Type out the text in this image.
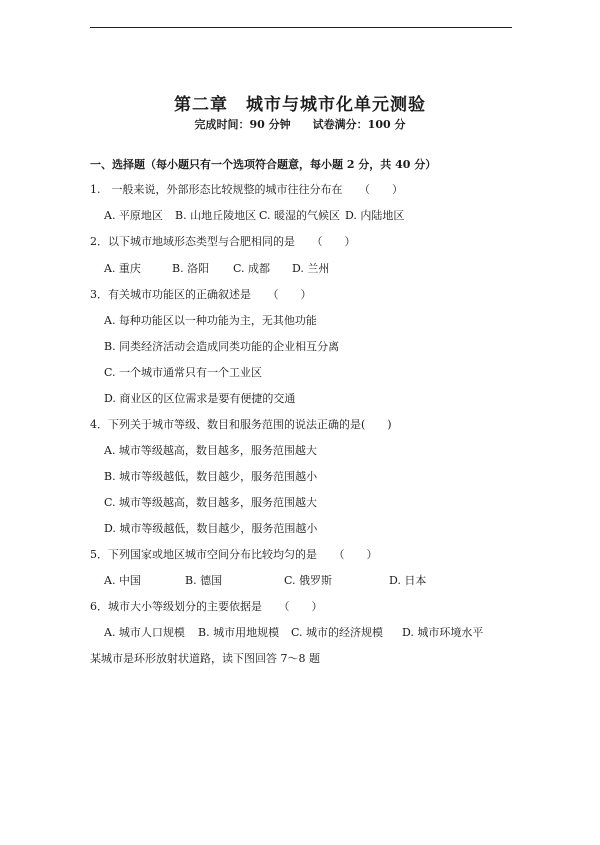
第二章　城市与城市化单元测验
完成时间：90 分钟　　试卷满分：100 分
一、选择题（每小题只有一个选项符合题意，每小题 2 分，共 40 分）
1.　一般来说，外部形态比较规整的城市往往分布在　　（　　）
A. 平原地区 B. 山地丘陵地区 C. 暖湿的气候区 D. 内陆地区
2．以下城市地域形态类型与合肥相同的是　　（　　）
A. 重庆	B. 洛阳 C. 成都 D. 兰州
3．有关城市功能区的正确叙述是　　（　　）
A. 每种功能区以一种功能为主，无其他功能
B. 同类经济活动会造成同类功能的企业相互分离
C. 一个城市通常只有一个工业区
D. 商业区的区位需求是要有便捷的交通
4．下列关于城市等级、数目和服务范围的说法正确的是(　　)
A. 城市等级越高，数目越多，服务范围越大
B. 城市等级越低，数目越少，服务范围越小
C. 城市等级越高，数目越多，服务范围越大
D. 城市等级越低，数目越少，服务范围越小
5．下列国家或地区城市空间分布比较均匀的是　　（　　）
A. 中国	B. 德国	C. 俄罗斯	D. 日本
6．城市大小等级划分的主要依据是　　（　　）
A. 城市人口规模 B. 城市用地规模 C. 城市的经济规模 D. 城市环境水平
某城市是环形放射状道路，读下图回答 7～8 题
